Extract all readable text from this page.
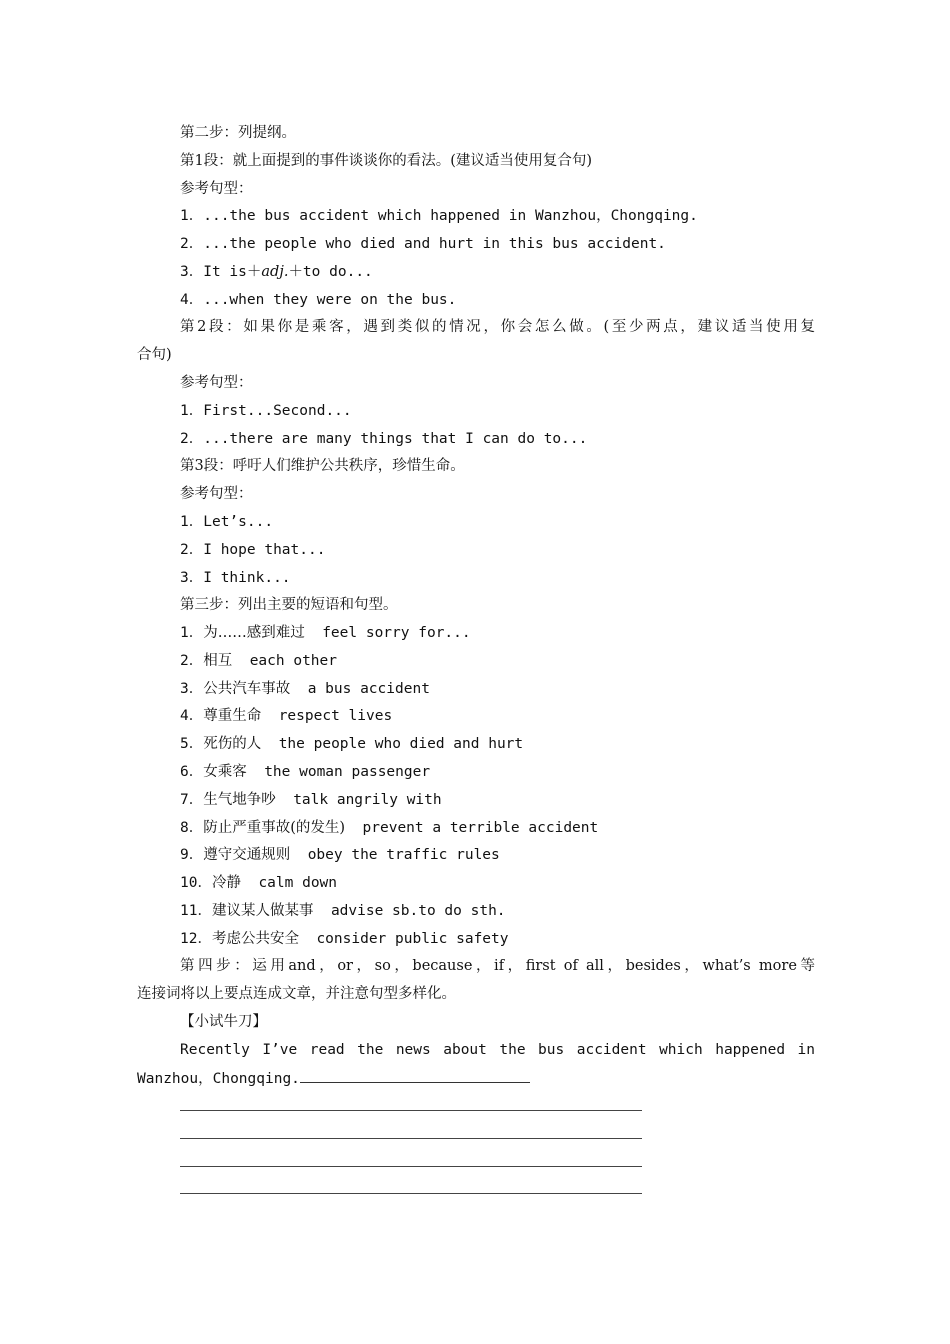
第二步：列提纲。
第1段：就上面提到的事件谈谈你的看法。(建议适当使用复合句)
参考句型：
1．...the bus accident which happened in Wanzhou，Chongqing.
2．...the people who died and hurt in this bus accident.
3．It is＋adj.＋to do...
4．...when they were on the bus.
第2段：如果你是乘客，遇到类似的情况，你会怎么做。(至少两点，建议适当使用复
合句)
参考句型：
1．First...Second...
2．...there are many things that I can do to...
第3段：呼吁人们维护公共秩序，珍惜生命。
参考句型：
1．Let’s...
2．I hope that...
3．I think...
第三步：列出主要的短语和句型。
1．为……感到难过 feel sorry for...
2．相互 each other
3．公共汽车事故 a bus accident
4．尊重生命 respect lives
5．死伤的人 the people who died and hurt
6．女乘客 the woman passenger
7．生气地争吵 talk angrily with
8．防止严重事故(的发生) prevent a terrible accident
9．遵守交通规则 obey the traffic rules
10．冷静 calm down
11．建议某人做某事 advise sb.to do sth.
12．考虑公共安全 consider public safety
第四步：运用and，or，so，because，if，first of all，besides，what’s more等
连接词将以上要点连成文章，并注意句型多样化。
【小试牛刀】
Recently I’ve read the news about the bus accident which happened in
Wanzhou，Chongqing.
